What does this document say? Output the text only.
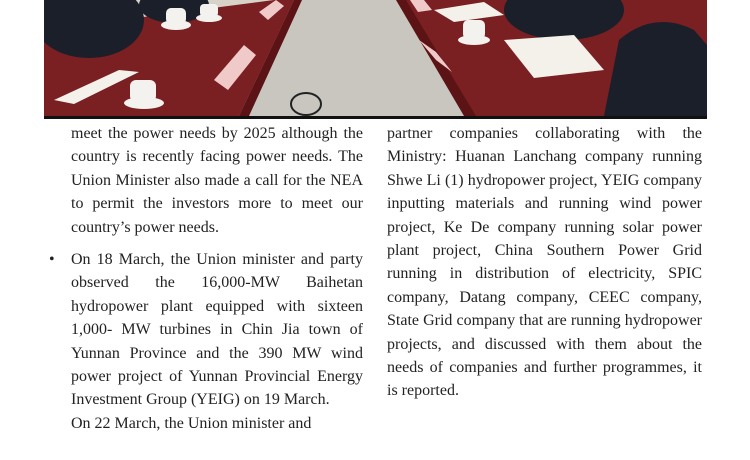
meet the power needs by 2025 although the country is recently facing power needs. The Union Minister also made a call for the NEA to permit the investors more to meet our country’s power needs.

• On 18 March, the Union minister and party observed the 16,000-MW Baihetan hydropower plant equipped with sixteen 1,000- MW turbines in Chin Jia town of Yunnan Province and the 390 MW wind power project of Yunnan Provincial Energy Investment Group (YEIG) on 19 March.

On 22 March, the Union minister and

partner companies collaborating with the Ministry: Huanan Lanchang company running Shwe Li (1) hydropower project, YEIG company inputting materials and running wind power project, Ke De company running solar power plant project, China Southern Power Grid running in distribution of electricity, SPIC company, Datang company, CEEC company, State Grid company that are running hydropower projects, and discussed with them about the needs of companies and further programmes, it is reported.
